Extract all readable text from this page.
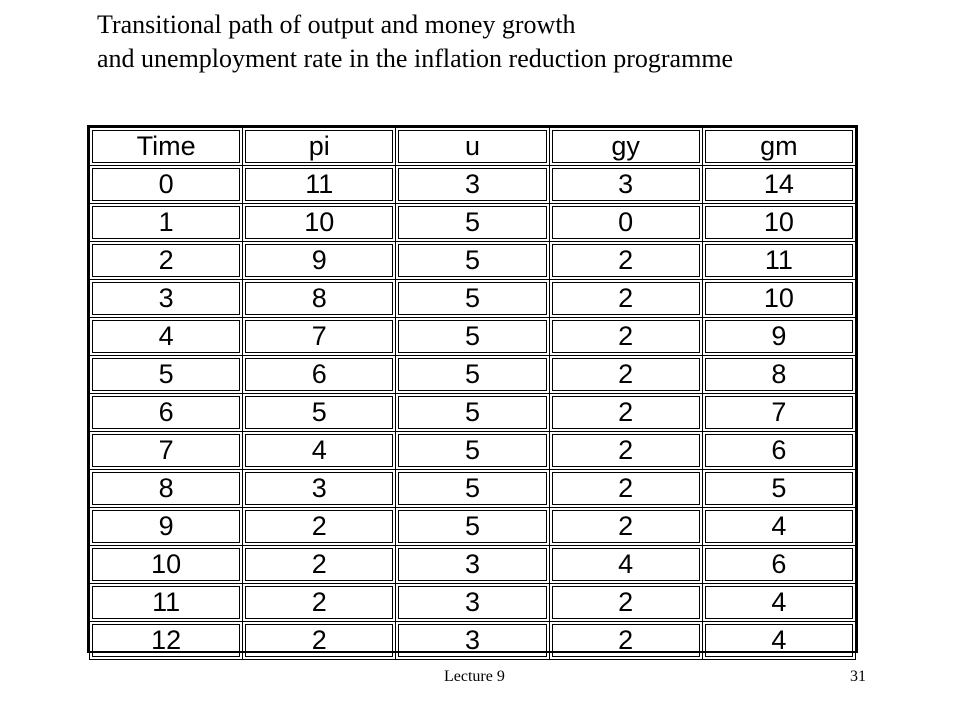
Transitional path of output and money growth
and unemployment rate in the inflation reduction programme
Time	pi	u	gy	gm

0	11	3	3	14

1	10	5	0	10

2	9	5	2	11

3	8	5	2	10

4	7	5	2	9

5	6	5	2	8

6	5	5	2	7

7	4	5	2	6

8	3	5	2	5

9	2	5	2	4

10	2	3	4	6

11	2	3	2	4

12	2	3	2	4
Lecture 9	31
